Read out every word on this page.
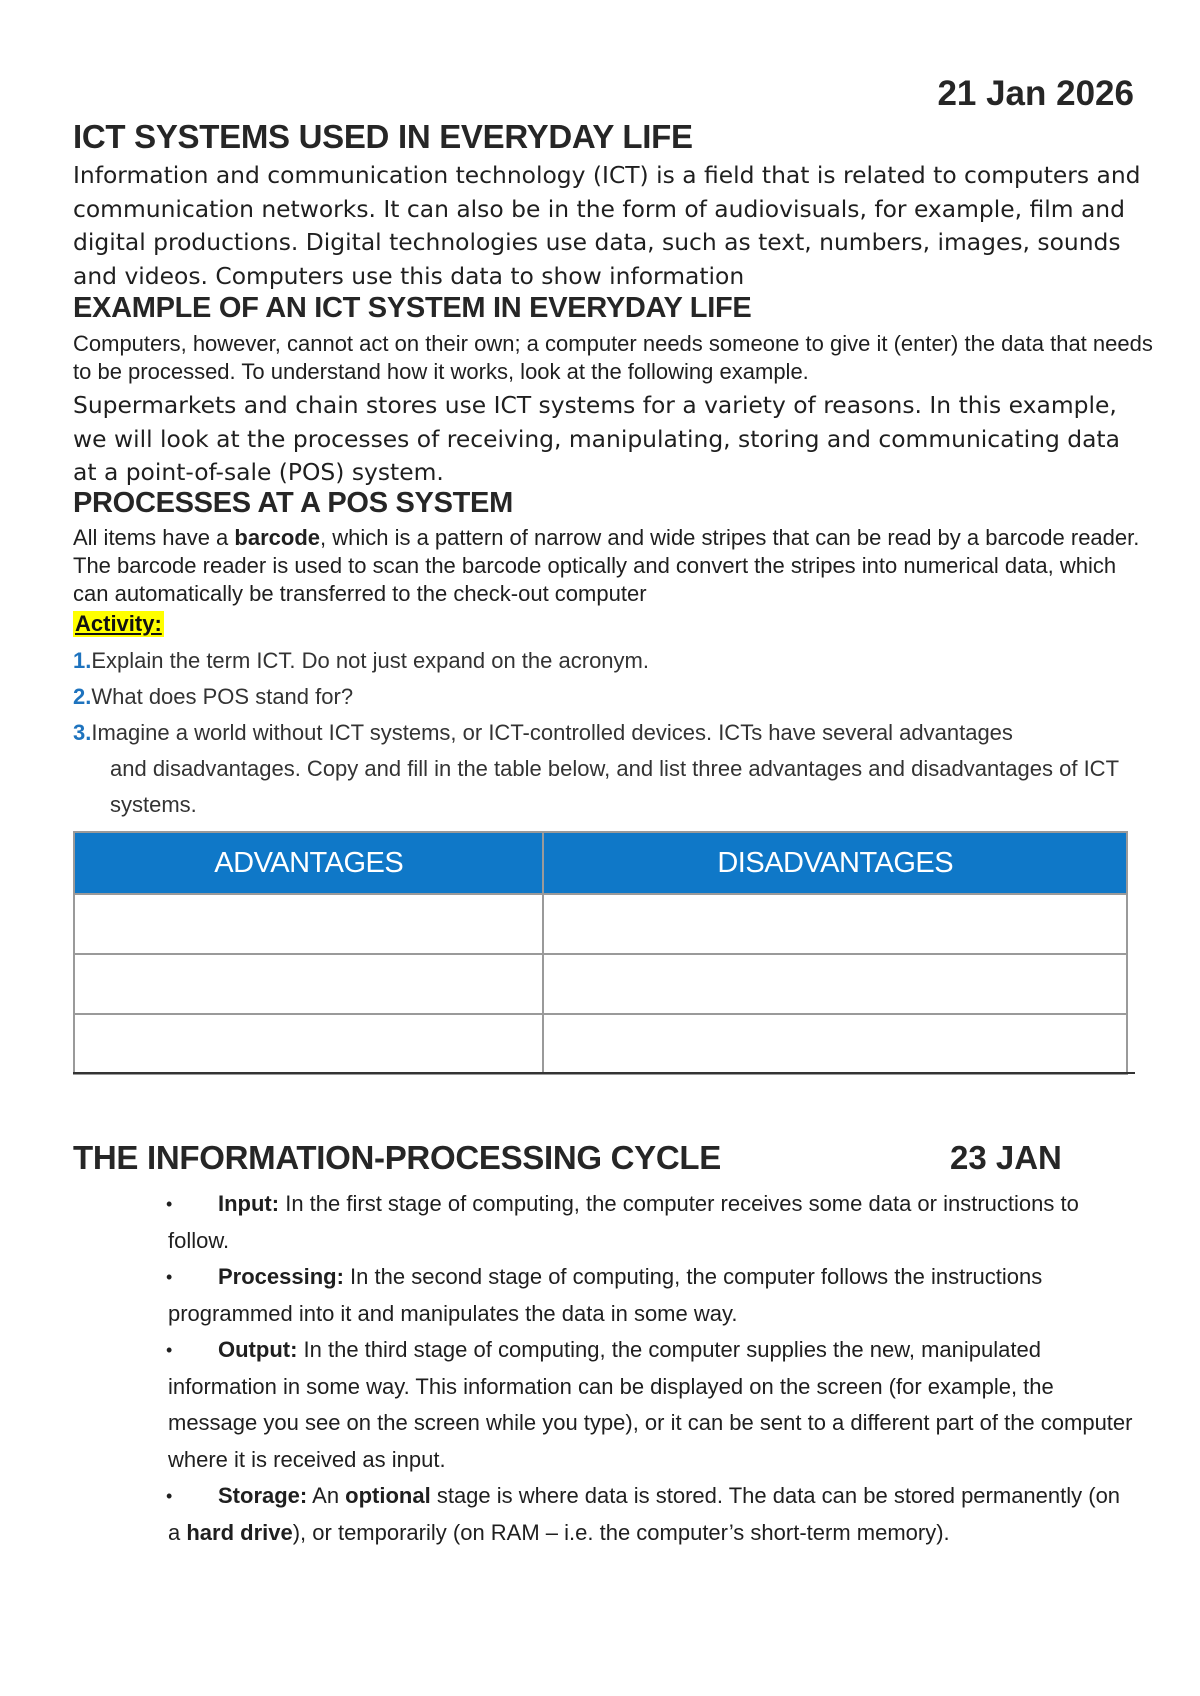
21 Jan 2026
ICT SYSTEMS USED IN EVERYDAY LIFE
Information and communication technology (ICT) is a field that is related to computers and communication networks. It can also be in the form of audiovisuals, for example, film and digital productions. Digital technologies use data, such as text, numbers, images, sounds and videos. Computers use this data to show information
EXAMPLE OF AN ICT SYSTEM IN EVERYDAY LIFE
Computers, however, cannot act on their own; a computer needs someone to give it (enter) the data that needs to be processed. To understand how it works, look at the following example.
Supermarkets and chain stores use ICT systems for a variety of reasons. In this example, we will look at the processes of receiving, manipulating, storing and communicating data at a point-of-sale (POS) system.
PROCESSES AT A POS SYSTEM
All items have a barcode, which is a pattern of narrow and wide stripes that can be read by a barcode reader. The barcode reader is used to scan the barcode optically and convert the stripes into numerical data, which can automatically be transferred to the check-out computer
Activity:
1.Explain the term ICT. Do not just expand on the acronym.
2.What does POS stand for?
3.Imagine a world without ICT systems, or ICT-controlled devices. ICTs have several advantages
and disadvantages. Copy and fill in the table below, and list three advantages and disadvantages of ICT systems.
ADVANTAGES	DISADVANTAGES

THE INFORMATION-PROCESSING CYCLE	23 JAN
• Input: In the first stage of computing, the computer receives some data or instructions to follow.
• Processing: In the second stage of computing, the computer follows the instructions programmed into it and manipulates the data in some way.
• Output: In the third stage of computing, the computer supplies the new, manipulated information in some way. This information can be displayed on the screen (for example, the message you see on the screen while you type), or it can be sent to a different part of the computer where it is received as input.
• Storage: An optional stage is where data is stored. The data can be stored permanently (on a hard drive), or temporarily (on RAM – i.e. the computer’s short-term memory).
